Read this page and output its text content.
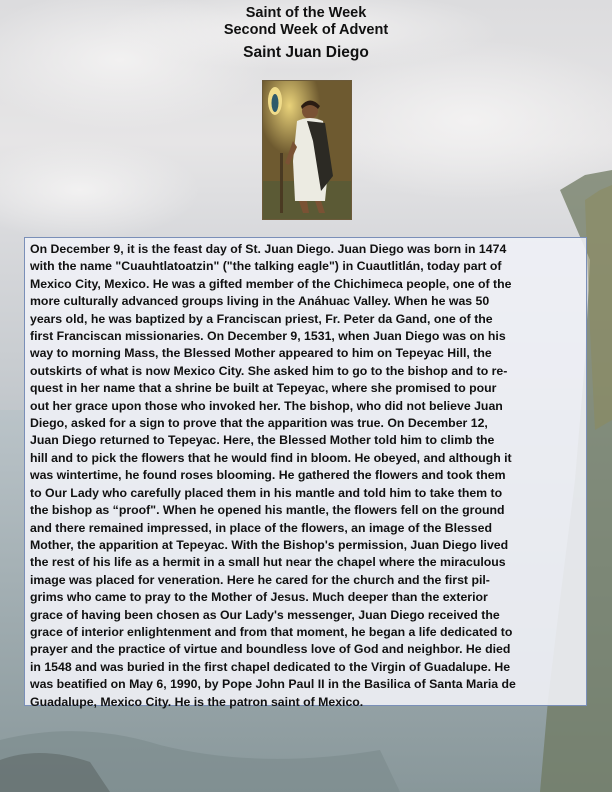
Saint of the Week
Second Week of Advent
Saint Juan Diego

On December 9, it is the feast day of St. Juan Diego. Juan Diego was born in 1474
with the name "Cuauhtlatoatzin" ("the talking eagle") in Cuautlitlán, today part of
Mexico City, Mexico. He was a gifted member of the Chichimeca people, one of the
more culturally advanced groups living in the Anáhuac Valley. When he was 50
years old, he was baptized by a Franciscan priest, Fr. Peter da Gand, one of the
first Franciscan missionaries. On December 9, 1531, when Juan Diego was on his
way to morning Mass, the Blessed Mother appeared to him on Tepeyac Hill, the
outskirts of what is now Mexico City. She asked him to go to the bishop and to re-
quest in her name that a shrine be built at Tepeyac, where she promised to pour
out her grace upon those who invoked her. The bishop, who did not believe Juan
Diego, asked for a sign to prove that the apparition was true. On December 12,
Juan Diego returned to Tepeyac. Here, the Blessed Mother told him to climb the
hill and to pick the flowers that he would find in bloom. He obeyed, and although it
was wintertime, he found roses blooming. He gathered the flowers and took them
to Our Lady who carefully placed them in his mantle and told him to take them to
the bishop as “proof". When he opened his mantle, the flowers fell on the ground
and there remained impressed, in place of the flowers, an image of the Blessed
Mother, the apparition at Tepeyac. With the Bishop's permission, Juan Diego lived
the rest of his life as a hermit in a small hut near the chapel where the miraculous
image was placed for veneration. Here he cared for the church and the first pil-
grims who came to pray to the Mother of Jesus. Much deeper than the exterior
grace of having been chosen as Our Lady's messenger, Juan Diego received the
grace of interior enlightenment and from that moment, he began a life dedicated to
prayer and the practice of virtue and boundless love of God and neighbor. He died
in 1548 and was buried in the first chapel dedicated to the Virgin of Guadalupe. He
was beatified on May 6, 1990, by Pope John Paul II in the Basilica of Santa Maria de
Guadalupe, Mexico City. He is the patron saint of Mexico.
